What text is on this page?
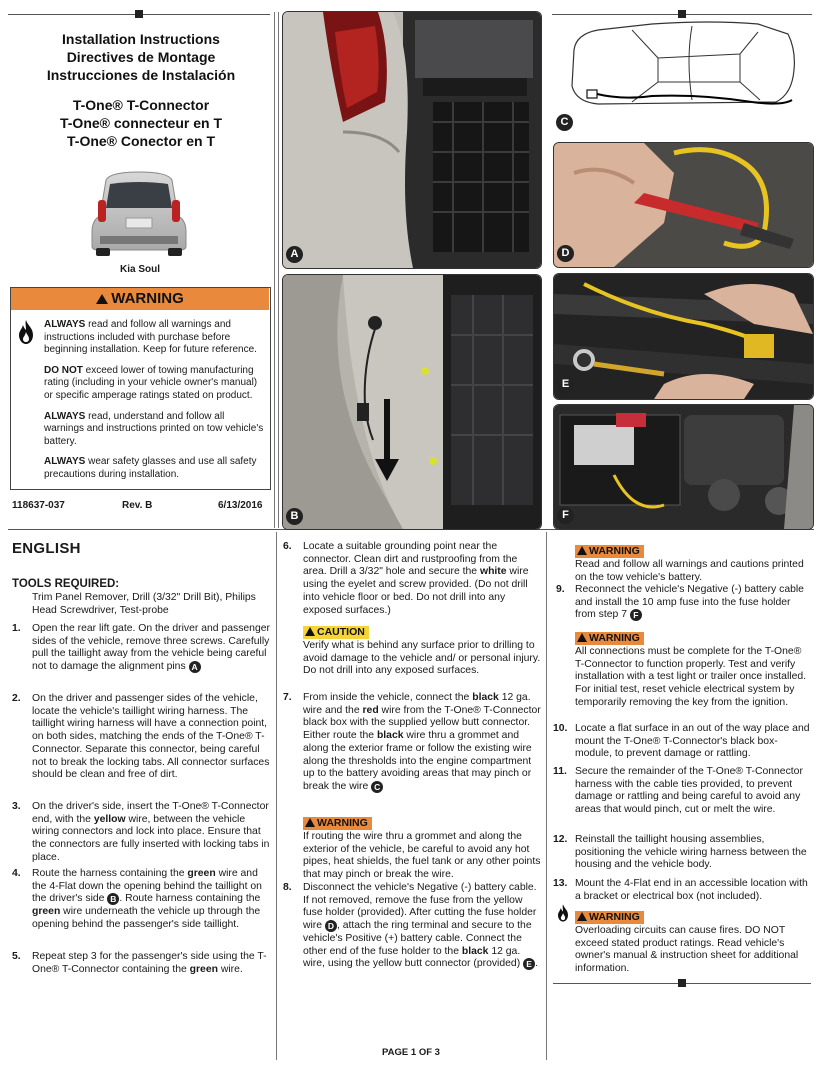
Installation Instructions
Directives de Montage
Instrucciones de Instalación
T-One® T-Connector
T-One® connecteur en T
T-One® Conector en T
Kia Soul
WARNING

ALWAYS read and follow all warnings and instructions included with purchase before beginning installation. Keep for future reference.

DO NOT exceed lower of towing manufacturing rating (including in your vehicle owner's manual) or specific amperage ratings stated on product.

ALWAYS read, understand and follow all warnings and instructions printed on tow vehicle's battery.

ALWAYS wear safety glasses and use all safety precautions during installation.

118637-037	Rev. B	6/13/2016
A
B
C
D
E
F
ENGLISH
TOOLS REQUIRED:
Trim Panel Remover, Drill (3/32" Drill Bit), Philips Head Screwdriver, Test-probe
1. Open the rear lift gate. On the driver and passenger sides of the vehicle, remove three screws. Carefully pull the taillight away from the vehicle being careful not to damage the alignment pins A
2. On the driver and passenger sides of the vehicle, locate the vehicle's taillight wiring harness. The taillight wiring harness will have a connection point, on both sides, matching the ends of the T-One® T-Connector. Separate this connector, being careful not to break the locking tabs. All connector surfaces should be clean and free of dirt.
3. On the driver's side, insert the T-One® T-Connector end, with the yellow wire, between the vehicle wiring connectors and lock into place. Ensure that the connectors are fully inserted with locking tabs in place.
4. Route the harness containing the green wire and the 4-Flat down the opening behind the taillight on the driver's side B . Route harness containing the green wire underneath the vehicle up through the opening behind the passenger's side taillight.
5. Repeat step 3 for the passenger's side using the T-One® T-Connector containing the green wire.
6. Locate a suitable grounding point near the connector. Clean dirt and rustproofing from the area. Drill a 3/32" hole and secure the white wire using the eyelet and screw provided. (Do not drill into vehicle floor or bed. Do not drill into any exposed surfaces.)
CAUTION
Verify what is behind any surface prior to drilling to avoid damage to the vehicle and/ or personal injury. Do not drill into any exposed surfaces.
7. From inside the vehicle, connect the black 12 ga. wire and the red wire from the T-One® T-Connector black box with the supplied yellow butt connector. Either route the black wire thru a grommet and along the exterior frame or follow the existing wire along the thresholds into the engine compartment up to the battery avoiding areas that may pinch or break the wire C
WARNING
If routing the wire thru a grommet and along the exterior of the vehicle, be careful to avoid any hot pipes, heat shields, the fuel tank or any other points that may pinch or break the wire.
8. Disconnect the vehicle's Negative (-) battery cable. If not removed, remove the fuse from the yellow fuse holder (provided). After cutting the fuse holder wire D , attach the ring terminal and secure to the vehicle's Positive (+) battery cable. Connect the other end of the fuse holder to the black 12 ga. wire, using the yellow butt connector (provided) E .
WARNING
Read and follow all warnings and cautions printed on the tow vehicle's battery.
9. Reconnect the vehicle's Negative (-) battery cable and install the 10 amp fuse into the fuse holder from step 7 F
WARNING
All connections must be complete for the T-One® T-Connector to function properly. Test and verify installation with a test light or trailer once installed. For initial test, reset vehicle electrical system by temporarily removing the key from the ignition.
10. Locate a flat surface in an out of the way place and mount the T-One® T-Connector's black box-module, to prevent damage or rattling.
11. Secure the remainder of the T-One® T-Connector harness with the cable ties provided, to prevent damage or rattling and being careful to avoid any areas that would pinch, cut or melt the wire.
12. Reinstall the taillight housing assemblies, positioning the vehicle wiring harness between the housing and the vehicle body.
13. Mount the 4-Flat end in an accessible location with a bracket or electrical box (not included).
WARNING
Overloading circuits can cause fires. DO NOT exceed stated product ratings. Read vehicle's owner's manual & instruction sheet for additional information.
PAGE 1 OF 3
